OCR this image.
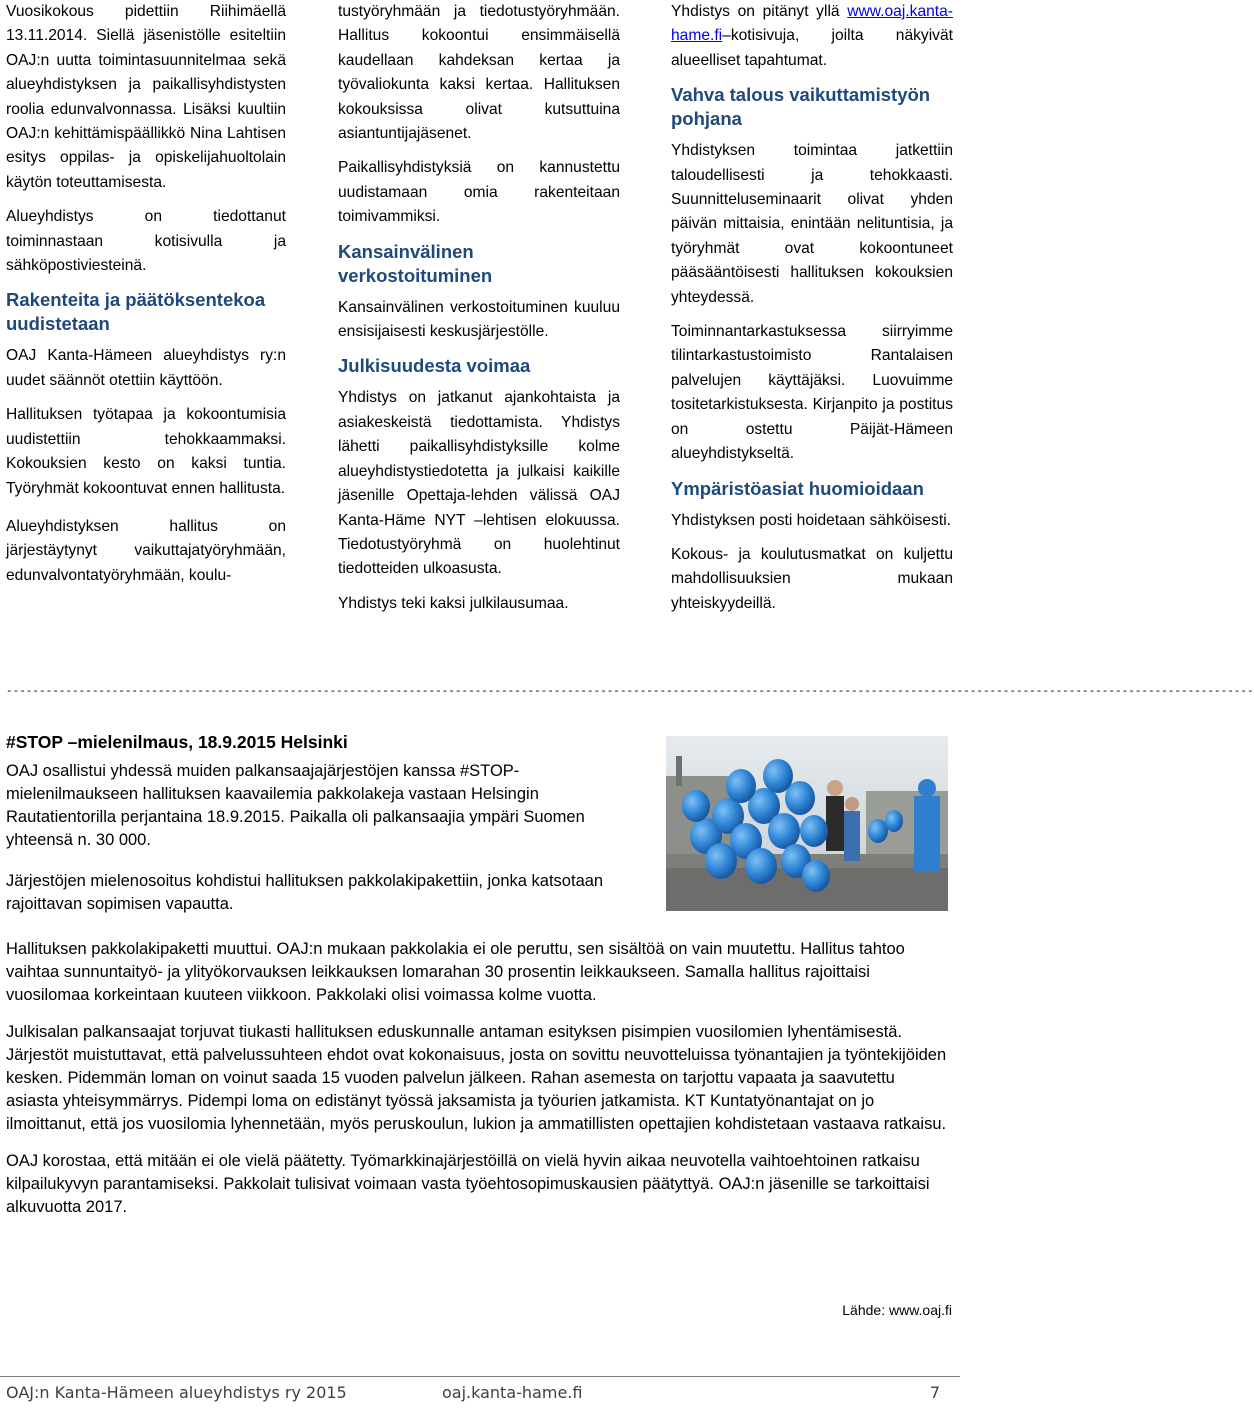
Vuosikokous pidettiin Riihimäellä 13.11.2014. Siellä jäsenistölle esiteltiin OAJ:n uutta toimintasuunnitelmaa sekä alueyhdistyksen ja paikallisyhdistysten roolia edunvalvonnassa. Lisäksi kuultiin OAJ:n kehittämispäällikkö Nina Lahtisen esitys oppilas- ja opiskelijahuoltolain käytön toteuttamisesta.

Alueyhdistys on tiedottanut toiminnastaan kotisivulla ja sähköpostiviesteinä.

Rakenteita ja päätöksentekoa uudistetaan

OAJ Kanta-Hämeen alueyhdistys ry:n uudet säännöt otettiin käyttöön.

Hallituksen työtapaa ja kokoontumisia uudistettiin tehokkaammaksi. Kokouksien kesto on kaksi tuntia. Työryhmät kokoontuvat ennen hallitusta.

Alueyhdistyksen hallitus on järjestäytynyt vaikuttajatyöryhmään, edunvalvontatyöryhmään, koulu-

tustyöryhmään ja tiedotustyöryhmään. Hallitus kokoontui ensimmäisellä kaudellaan kahdeksan kertaa ja työvaliokunta kaksi kertaa. Hallituksen kokouksissa olivat kutsuttuina asiantuntijajäsenet.

Paikallisyhdistyksiä on kannustettu uudistamaan omia rakenteitaan toimivammiksi.

Kansainvälinen verkostoituminen

Kansainvälinen verkostoituminen kuuluu ensisijaisesti keskusjärjestölle.

Julkisuudesta voimaa

Yhdistys on jatkanut ajankohtaista ja asiakeskeistä tiedottamista. Yhdistys lähetti paikallisyhdistyksille kolme alueyhdistystiedotetta ja julkaisi kaikille jäsenille Opettaja-lehden välissä OAJ Kanta-Häme NYT –lehtisen elokuussa. Tiedotustyöryhmä on huolehtinut tiedotteiden ulkoasusta.

Yhdistys teki kaksi julkilausumaa.

Yhdistys on pitänyt yllä www.oaj.kanta-hame.fi–kotisivuja, joilta näkyivät alueelliset tapahtumat.

Vahva talous vaikuttamistyön pohjana

Yhdistyksen toimintaa jatkettiin taloudellisesti ja tehokkaasti. Suunnitteluseminaarit olivat yhden päivän mittaisia, enintään nelituntisia, ja työryhmät ovat kokoontuneet pääsääntöisesti hallituksen kokouksien yhteydessä.

Toiminnantarkastuksessa siirryimme tilintarkastustoimisto Rantalaisen palvelujen käyttäjäksi. Luovuimme tositetarkistuksesta. Kirjanpito ja postitus on ostettu Päijät-Hämeen alueyhdistykseltä.

Ympäristöasiat huomioidaan

Yhdistyksen posti hoidetaan sähköisesti.

Kokous- ja koulutusmatkat on kuljettu mahdollisuuksien mukaan yhteiskyydeillä.

---------------------------------------------------------------------------------------------------------------------------------------------------------------------------------------------
#STOP –mielenilmaus, 18.9.2015 Helsinki

OAJ osallistui yhdessä muiden palkansaajajärjestöjen kanssa #STOP-mielenilmaukseen hallituksen kaavailemia pakkolakeja vastaan Helsingin Rautatientorilla perjantaina 18.9.2015. Paikalla oli palkansaajia ympäri Suomen yhteensä n. 30 000.

Järjestöjen mielenosoitus kohdistui hallituksen pakkolakipakettiin, jonka katsotaan rajoittavan sopimisen vapautta.

Hallituksen pakkolakipaketti muuttui. OAJ:n mukaan pakkolakia ei ole peruttu, sen sisältöä on vain muutettu. Hallitus tahtoo vaihtaa sunnuntaityö- ja ylityökorvauksen leikkauksen lomarahan 30 prosentin leikkaukseen. Samalla hallitus rajoittaisi vuosilomaa korkeintaan kuuteen viikkoon. Pakkolaki olisi voimassa kolme vuotta.

Julkisalan palkansaajat torjuvat tiukasti hallituksen eduskunnalle antaman esityksen pisimpien vuosilomien lyhentämisestä. Järjestöt muistuttavat, että palvelussuhteen ehdot ovat kokonaisuus, josta on sovittu neuvotteluissa työnantajien ja työntekijöiden kesken. Pidemmän loman on voinut saada 15 vuoden palvelun jälkeen. Rahan asemesta on tarjottu vapaata ja saavutettu asiasta yhteisymmärrys. Pidempi loma on edistänyt työssä jaksamista ja työurien jatkamista. KT Kuntatyönantajat on jo ilmoittanut, että jos vuosilomia lyhennetään, myös peruskoulun, lukion ja ammatillisten opettajien kohdistetaan vastaava ratkaisu.

OAJ korostaa, että mitään ei ole vielä päätetty. Työmarkkinajärjestöillä on vielä hyvin aikaa neuvotella vaihtoehtoinen ratkaisu kilpailukyvyn parantamiseksi. Pakkolait tulisivat voimaan vasta työehtosopimuskausien päätyttyä. OAJ:n jäsenille se tarkoittaisi alkuvuotta 2017.

Lähde: www.oaj.fi
OAJ:n Kanta-Hämeen alueyhdistys ry 2015	oaj.kanta-hame.fi	7
